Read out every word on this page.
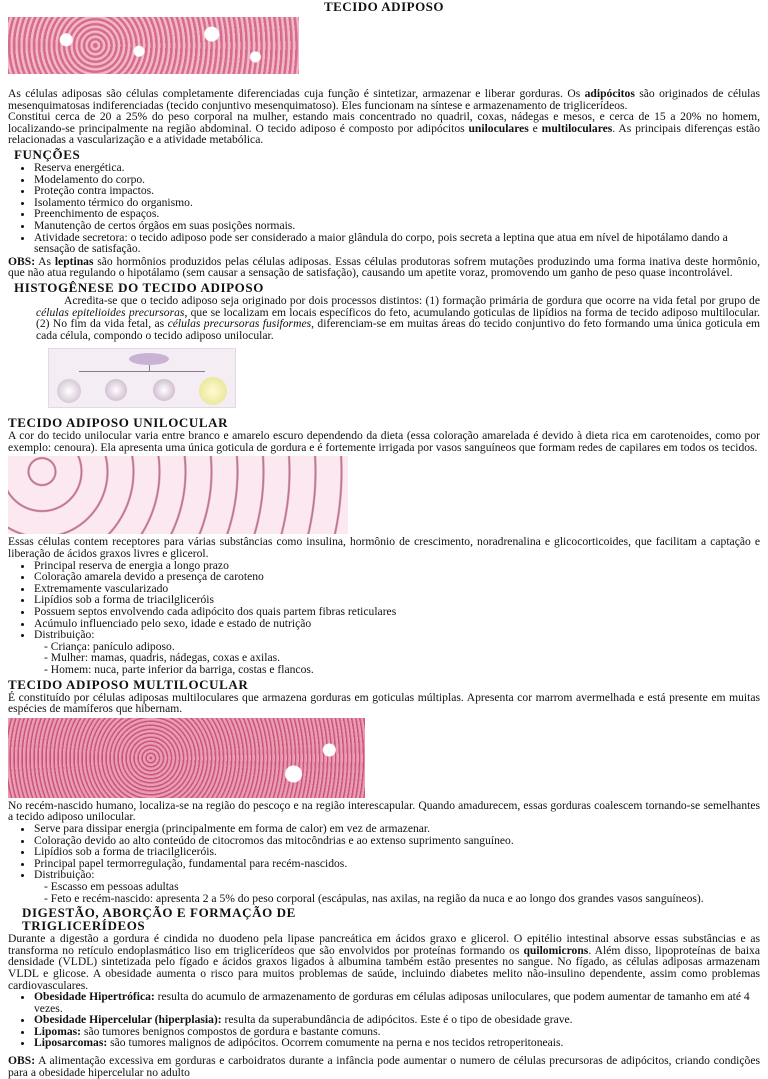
TECIDO ADIPOSO

As células adiposas são células completamente diferenciadas cuja função é sintetizar, armazenar e liberar gorduras. Os adipócitos são originados de células mesenquimatosas indiferenciadas (tecido conjuntivo mesenquimatoso). Eles funcionam na síntese e armazenamento de triglicerídeos.

Constitui cerca de 20 a 25% do peso corporal na mulher, estando mais concentrado no quadril, coxas, nádegas e mesos, e cerca de 15 a 20% no homem, localizando-se principalmente na região abdominal. O tecido adiposo é composto por adipócitos uniloculares e multiloculares. As principais diferenças estão relacionadas a vascularização e a atividade metabólica.

FUNÇÕES
• Reserva energética.
• Modelamento do corpo.
• Proteção contra impactos.
• Isolamento térmico do organismo.
• Preenchimento de espaços.
• Manutenção de certos órgãos em suas posições normais.
• Atividade secretora: o tecido adiposo pode ser considerado a maior glândula do corpo, pois secreta a leptina que atua em nível de hipotálamo dando a sensação de satisfação.

OBS: As leptinas são hormônios produzidos pelas células adiposas. Essas células produtoras sofrem mutações produzindo uma forma inativa deste hormônio, que não atua regulando o hipotálamo (sem causar a sensação de satisfação), causando um apetite voraz, promovendo um ganho de peso quase incontrolável.

HISTOGÊNESE DO TECIDO ADIPOSO

Acredita-se que o tecido adiposo seja originado por dois processos distintos: (1) formação primária de gordura que ocorre na vida fetal por grupo de células epitelioides precursoras, que se localizam em locais específicos do feto, acumulando goticulas de lipídios na forma de tecido adiposo multilocular. (2) No fim da vida fetal, as células precursoras fusiformes, diferenciam-se em muitas áreas do tecido conjuntivo do feto formando uma única goticula em cada célula, compondo o tecido adiposo unilocular.

TECIDO ADIPOSO UNILOCULAR

A cor do tecido unilocular varia entre branco e amarelo escuro dependendo da dieta (essa coloração amarelada é devido à dieta rica em carotenoides, como por exemplo: cenoura). Ela apresenta uma única goticula de gordura e é fortemente irrigada por vasos sanguíneos que formam redes de capilares em todos os tecidos.

Essas células contem receptores para várias substâncias como insulina, hormônio de crescimento, noradrenalina e glicocorticoides, que facilitam a captação e liberação de ácidos graxos livres e glicerol.

• Principal reserva de energia a longo prazo
• Coloração amarela devido a presença de caroteno
• Extremamente vascularizado
• Lipídios sob a forma de triacilgliceróis
• Possuem septos envolvendo cada adipócito dos quais partem fibras reticulares
• Acúmulo influenciado pelo sexo, idade e estado de nutrição
• Distribuição:
- Criança: panículo adiposo.
- Mulher: mamas, quadris, nádegas, coxas e axilas.
- Homem: nuca, parte inferior da barriga, costas e flancos.
TECIDO ADIPOSO MULTILOCULAR

É constituído por células adiposas multiloculares que armazena gorduras em goticulas múltiplas. Apresenta cor marrom avermelhada e está presente em muitas espécies de mamíferos que hibernam.

No recém-nascido humano, localiza-se na região do pescoço e na região interescapular. Quando amadurecem, essas gorduras coalescem tornando-se semelhantes a tecido adiposo unilocular.

• Serve para dissipar energia (principalmente em forma de calor) em vez de armazenar.
• Coloração devido ao alto conteúdo de citocromos das mitocôndrias e ao extenso suprimento sanguíneo.
• Lipídios sob a forma de triacilgliceróis.
• Principal papel termorregulação, fundamental para recém-nascidos.
• Distribuição:
- Escasso em pessoas adultas
- Feto e recém-nascido: apresenta 2 a 5% do peso corporal (escápulas, nas axilas, na região da nuca e ao longo dos grandes vasos sanguíneos).
DIGESTÃO, ABORÇÃO E FORMAÇÃO DE
TRIGLICERÍDEOS

Durante a digestão a gordura é cindida no duodeno pela lipase pancreática em ácidos graxo e glicerol. O epitélio intestinal absorve essas substâncias e as transforma no retículo endoplasmático liso em triglicerídeos que são envolvidos por proteínas formando os quilomicrons. Além disso, lipoproteínas de baixa densidade (VLDL) sintetizada pelo fígado e ácidos graxos ligados à albumina também estão presentes no sangue. No fígado, as células adiposas armazenam VLDL e glicose. A obesidade aumenta o risco para muitos problemas de saúde, incluindo diabetes melito não-insulino dependente, assim como problemas cardiovasculares.

• Obesidade Hipertrófica: resulta do acumulo de armazenamento de gorduras em células adiposas uniloculares, que podem aumentar de tamanho em até 4 vezes.
• Obesidade Hipercelular (hiperplasia): resulta da superabundância de adipócitos. Este é o tipo de obesidade grave.
• Lipomas: são tumores benignos compostos de gordura e bastante comuns.
• Liposarcomas: são tumores malignos de adipócitos. Ocorrem comumente na perna e nos tecidos retroperitoneais.

OBS: A alimentação excessiva em gorduras e carboidratos durante a infância pode aumentar o numero de células precursoras de adipócitos, criando condições para a obesidade hipercelular no adulto
